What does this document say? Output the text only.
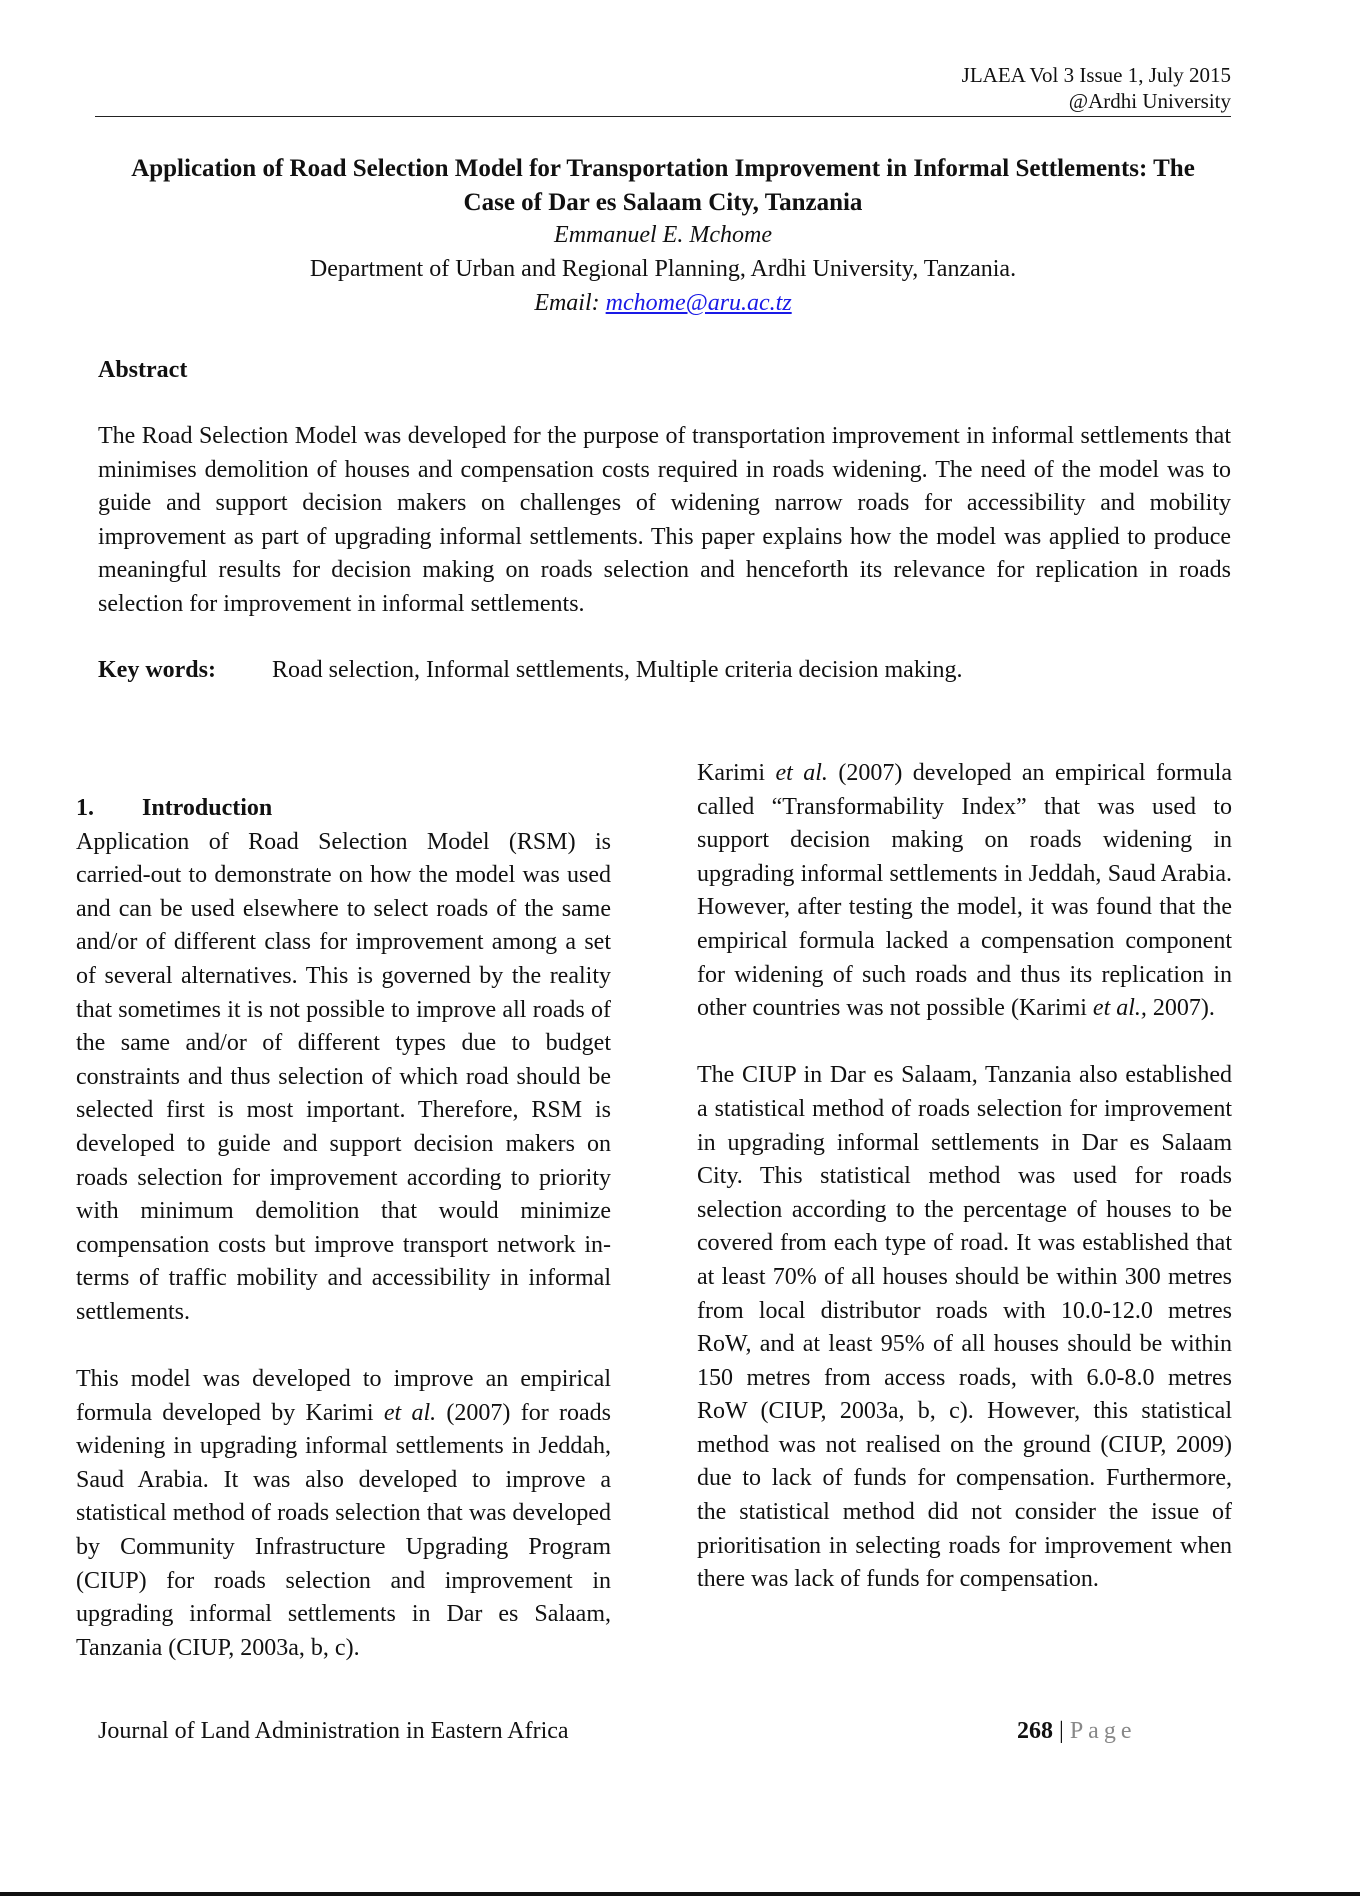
JLAEA Vol 3 Issue 1, July 2015
@Ardhi University
Application of Road Selection Model for Transportation Improvement in Informal Settlements: The
Case of Dar es Salaam City, Tanzania
Emmanuel E. Mchome
Department of Urban and Regional Planning, Ardhi University, Tanzania.
Email: mchome@aru.ac.tz
Abstract
The Road Selection Model was developed for the purpose of transportation improvement in informal settlements that minimises demolition of houses and compensation costs required in roads widening. The need of the model was to guide and support decision makers on challenges of widening narrow roads for accessibility and mobility improvement as part of upgrading informal settlements. This paper explains how the model was applied to produce meaningful results for decision making on roads selection and henceforth its relevance for replication in roads selection for improvement in informal settlements.
Key words: Road selection, Informal settlements, Multiple criteria decision making.

1. Introduction

Application of Road Selection Model (RSM) is carried-out to demonstrate on how the model was used and can be used elsewhere to select roads of the same and/or of different class for improvement among a set of several alternatives. This is governed by the reality that sometimes it is not possible to improve all roads of the same and/or of different types due to budget constraints and thus selection of which road should be selected first is most important. Therefore, RSM is developed to guide and support decision makers on roads selection for improvement according to priority with minimum demolition that would minimize compensation costs but improve transport network in-terms of traffic mobility and accessibility in informal settlements.

This model was developed to improve an empirical formula developed by Karimi et al. (2007) for roads widening in upgrading informal settlements in Jeddah, Saud Arabia. It was also developed to improve a statistical method of roads selection that was developed by Community Infrastructure Upgrading Program (CIUP) for roads selection and improvement in upgrading informal settlements in Dar es Salaam, Tanzania (CIUP, 2003a, b, c).

Karimi et al. (2007) developed an empirical formula called “Transformability Index” that was used to support decision making on roads widening in upgrading informal settlements in Jeddah, Saud Arabia. However, after testing the model, it was found that the empirical formula lacked a compensation component for widening of such roads and thus its replication in other countries was not possible (Karimi et al., 2007).

The CIUP in Dar es Salaam, Tanzania also established a statistical method of roads selection for improvement in upgrading informal settlements in Dar es Salaam City. This statistical method was used for roads selection according to the percentage of houses to be covered from each type of road. It was established that at least 70% of all houses should be within 300 metres from local distributor roads with 10.0-12.0 metres RoW, and at least 95% of all houses should be within 150 metres from access roads, with 6.0-8.0 metres RoW (CIUP, 2003a, b, c). However, this statistical method was not realised on the ground (CIUP, 2009) due to lack of funds for compensation. Furthermore, the statistical method did not consider the issue of prioritisation in selecting roads for improvement when there was lack of funds for compensation.

Journal of Land Administration in Eastern Africa	268 | Page
